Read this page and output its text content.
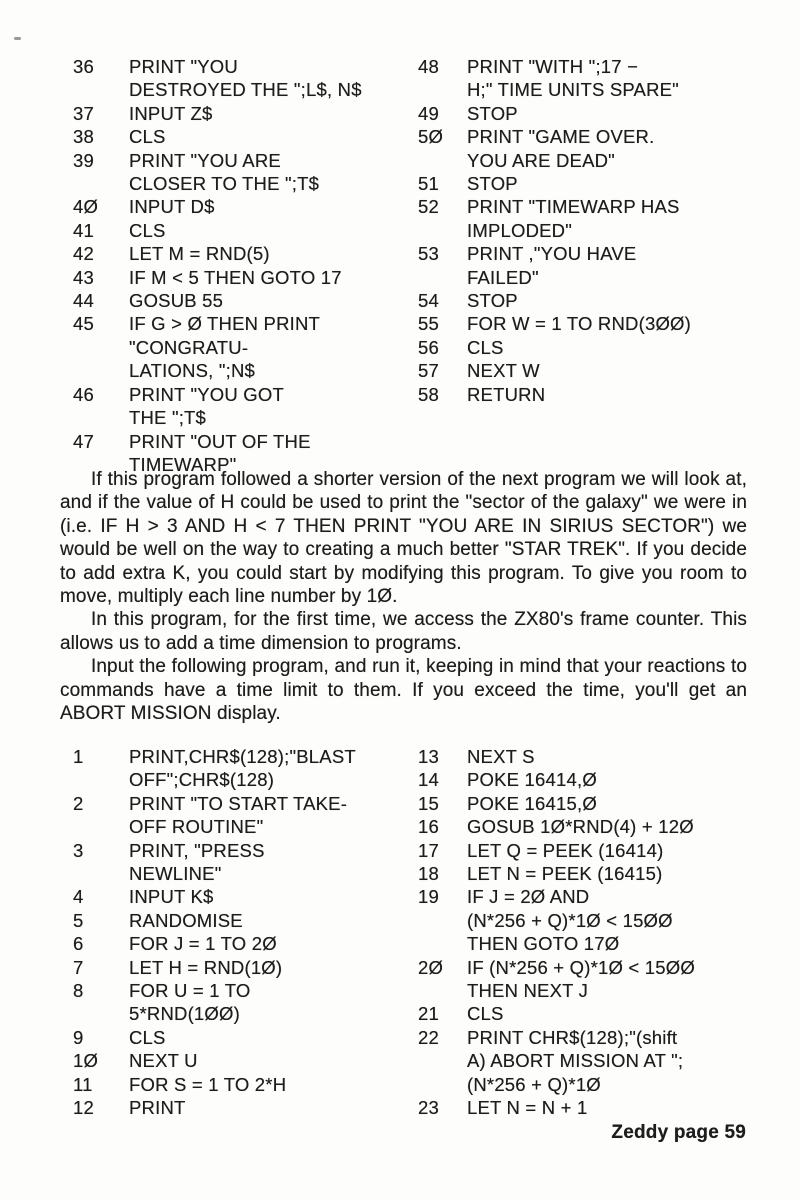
36	PRINT "YOU
DESTROYED THE ";L$, N$
37	INPUT Z$
38	CLS
39	PRINT "YOU ARE
CLOSER TO THE ";T$
4Ø	INPUT D$
41	CLS
42	LET M = RND(5)
43	IF M < 5 THEN GOTO 17
44	GOSUB 55
45	IF G > Ø THEN PRINT
"CONGRATU-
LATIONS, ";N$
46	PRINT "YOU GOT
THE ";T$
47	PRINT "OUT OF THE
TIMEWARP"
48	PRINT "WITH ";17 −
H;" TIME UNITS SPARE"
49	STOP
5Ø	PRINT "GAME OVER.
YOU ARE DEAD"
51	STOP
52	PRINT "TIMEWARP HAS
IMPLODED"
53	PRINT ,"YOU HAVE
FAILED"
54	STOP
55	FOR W = 1 TO RND(3ØØ)
56	CLS
57	NEXT W
58	RETURN

If this program followed a shorter version of the next program we will look at, and if the value of H could be used to print the "sector of the galaxy" we were in (i.e. IF H > 3 AND H < 7 THEN PRINT "YOU ARE IN SIRIUS SECTOR") we would be well on the way to creating a much better "STAR TREK". If you decide to add extra K, you could start by modifying this program. To give you room to move, multiply each line number by 1Ø.

In this program, for the first time, we access the ZX80's frame counter. This allows us to add a time dimension to programs.

Input the following program, and run it, keeping in mind that your reactions to commands have a time limit to them. If you exceed the time, you'll get an ABORT MISSION display.

1	PRINT,CHR$(128);"BLAST
OFF";CHR$(128)
2	PRINT "TO START TAKE-
OFF ROUTINE"
3	PRINT, "PRESS
NEWLINE"
4	INPUT K$
5	RANDOMISE
6	FOR J = 1 TO 2Ø
7	LET H = RND(1Ø)
8	FOR U = 1 TO
5*RND(1ØØ)
9	CLS
1Ø	NEXT U
11	FOR S = 1 TO 2*H
12	PRINT
13	NEXT S
14	POKE 16414,Ø
15	POKE 16415,Ø
16	GOSUB 1Ø*RND(4) + 12Ø
17	LET Q = PEEK (16414)
18	LET N = PEEK (16415)
19	IF J = 2Ø AND
(N*256 + Q)*1Ø < 15ØØ
THEN GOTO 17Ø
2Ø	IF (N*256 + Q)*1Ø < 15ØØ
THEN NEXT J
21	CLS
22	PRINT CHR$(128);"(shift
A) ABORT MISSION AT ";
(N*256 + Q)*1Ø
23	LET N = N + 1
Zeddy page 59
